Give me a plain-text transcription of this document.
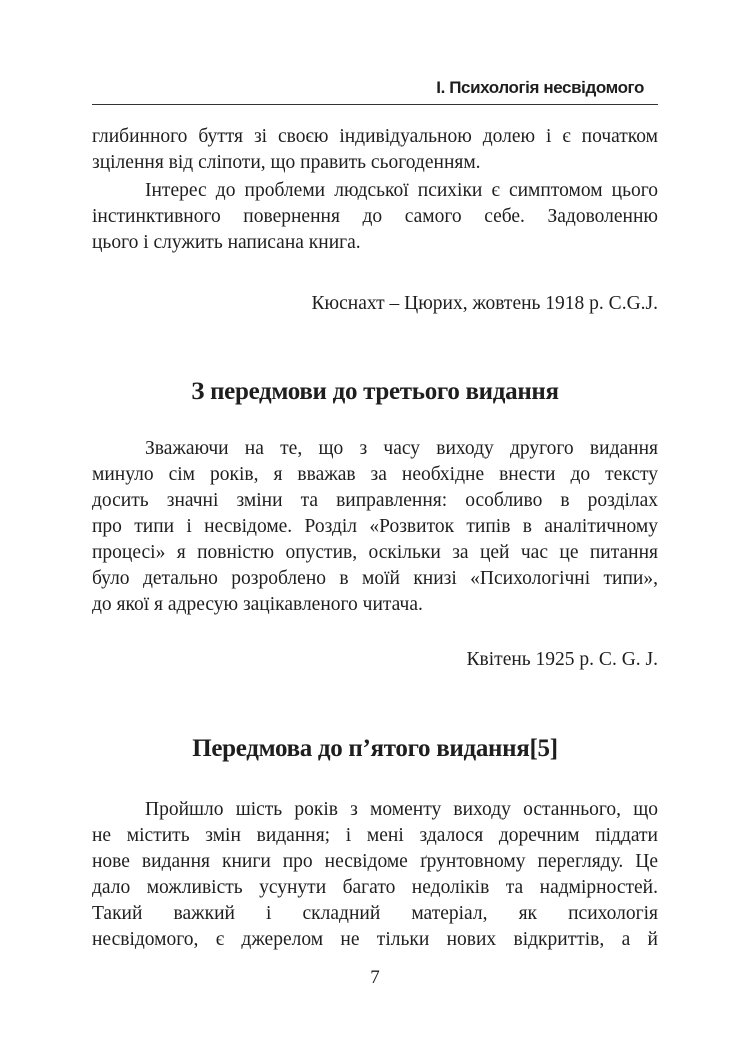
І. Психологія несвідомого

глибинного буття зі своєю індивідуальною долею і є початком

зцілення від сліпоти, що править сьогоденням.

Інтерес до проблеми людської психіки є симптомом цього

інстинктивного повернення до самого себе. Задоволенню

цього і служить написана книга.

Кюснахт – Цюрих, жовтень 1918 р. C.G.J.

З передмови до третього видання

Зважаючи на те, що з часу виходу другого видання

минуло сім років, я вважав за необхідне внести до тексту

досить значні зміни та виправлення: особливо в розділах

про типи і несвідоме. Розділ «Розвиток типів в аналітичному

процесі» я повністю опустив, оскільки за цей час це питання

було детально розроблено в моїй книзі «Психологічні типи»,

до якої я адресую зацікавленого читача.

Квітень 1925 р. C. G. J.

Передмова до п’ятого видання[5]

Пройшло шість років з моменту виходу останнього, що

не містить змін видання; і мені здалося доречним піддати

нове видання книги про несвідоме ґрунтовному перегляду. Це

дало можливість усунути багато недоліків та надмірностей.

Такий важкий і складний матеріал, як психологія

несвідомого, є джерелом не тільки нових відкриттів, а й

7
